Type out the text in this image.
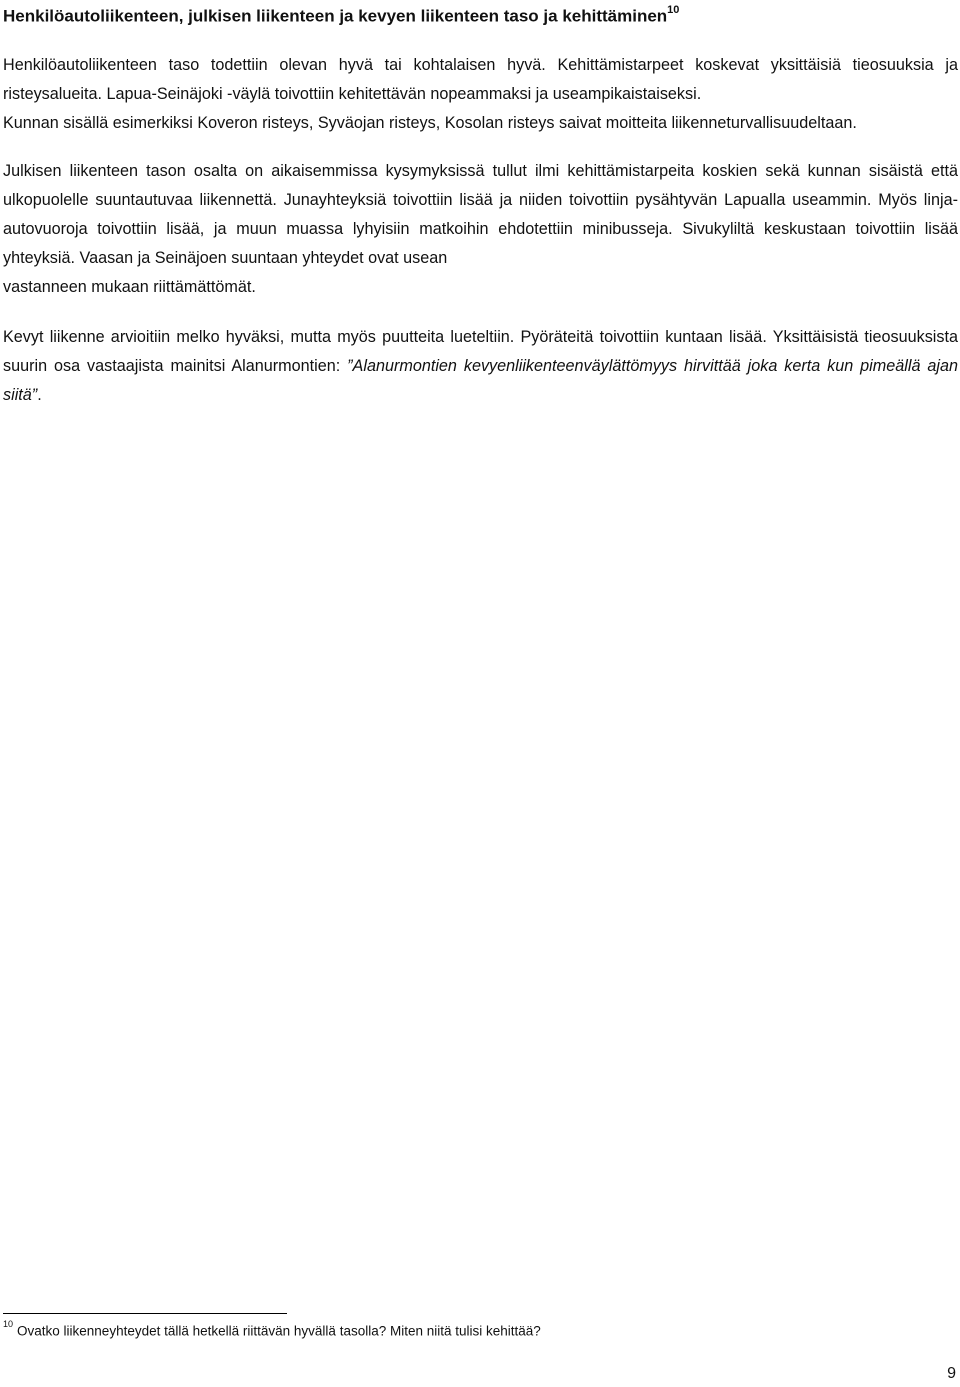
Henkilöautoliikenteen, julkisen liikenteen ja kevyen liikenteen taso ja kehittäminen$^{10}$

Henkilöautoliikenteen taso todettiin olevan hyvä tai kohtalaisen hyvä. Kehittämistarpeet koskevat yksittäisiä tieosuuksia ja risteysalueita. Lapua-Seinäjoki -väylä toivottiin kehitettävän nopeammaksi ja useampikaistaiseksi.
Kunnan sisällä esimerkiksi Koveron risteys, Syväojan risteys, Kosolan risteys saivat moitteita liikenneturvallisuudeltaan.

Julkisen liikenteen tason osalta on aikaisemmissa kysymyksissä tullut ilmi kehittämistarpeita koskien sekä kunnan sisäistä että ulkopuolelle suuntautuvaa liikennettä. Junayhteyksiä toivottiin lisää ja niiden toivottiin pysähtyvän Lapualla useammin. Myös linja-autovuoroja toivottiin lisää, ja muun muassa lyhyisiin matkoihin ehdotettiin minibusseja. Sivukyliltä keskustaan toivottiin lisää yhteyksiä. Vaasan ja Seinäjoen suuntaan yhteydet ovat usean
vastanneen mukaan riittämättömät.

Kevyt liikenne arvioitiin melko hyväksi, mutta myös puutteita lueteltiin. Pyöräteitä toivottiin kuntaan lisää. Yksittäisistä tieosuuksista suurin osa vastaajista mainitsi Alanurmontien: ”Alanurmontien kevyenliikenteenväylättömyys hirvittää joka kerta kun pimeällä ajan siitä”.

$^{10}$ Ovatko liikenneyhteydet tällä hetkellä riittävän hyvällä tasolla? Miten niitä tulisi kehittää?
9
